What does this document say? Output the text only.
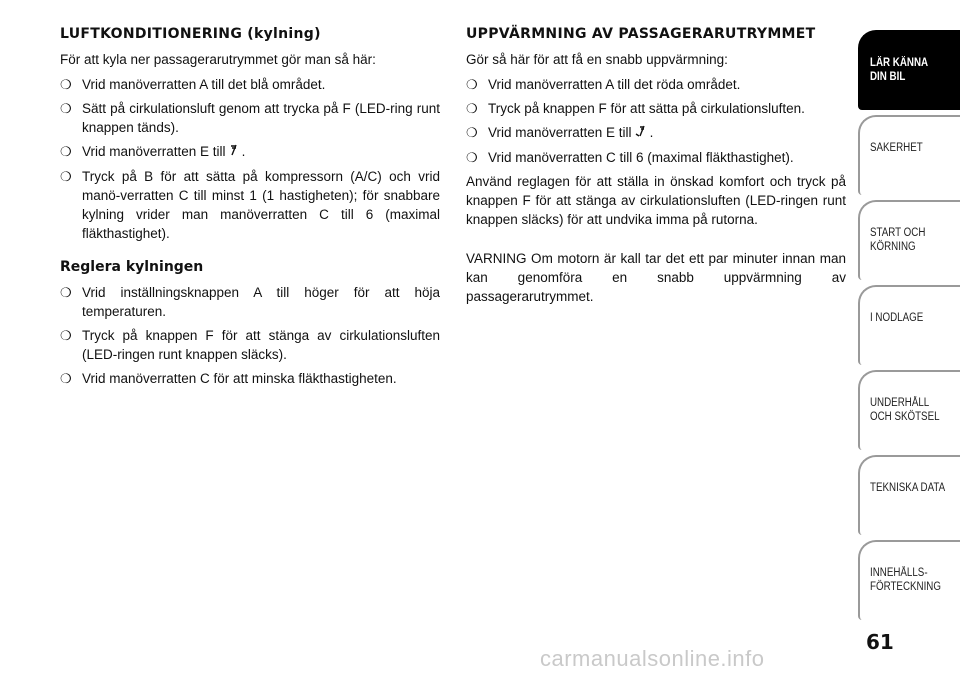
LUFTKONDITIONERING (kylning)

För att kyla ner passagerarutrymmet gör man så här:

❍ Vrid manöverratten A till det blå området.
❍ Sätt på cirkulationsluft genom att trycka på F (LED-ring runt knappen tänds).
❍ Vrid manöverratten E till .
❍ Tryck på B för att sätta på kompressorn (A/C) och vrid manö-verratten C till minst 1 (1 hastigheten); för snabbare kylning vrider man manöverratten C till 6 (maximal fläkthastighet).
Reglera kylningen
❍ Vrid inställningsknappen A till höger för att höja temperaturen.
❍ Tryck på knappen F för att stänga av cirkulationsluften (LED-ringen runt knappen släcks).
❍ Vrid manöverratten C för att minska fläkthastigheten.
UPPVÄRMNING AV PASSAGERARUTRYMMET

Gör så här för att få en snabb uppvärmning:

❍ Vrid manöverratten A till det röda området.
❍ Tryck på knappen F för att sätta på cirkulationsluften.
❍ Vrid manöverratten E till .
❍ Vrid manöverratten C till 6 (maximal fläkthastighet).

Använd reglagen för att ställa in önskad komfort och tryck på knappen F för att stänga av cirkulationsluften (LED-ringen runt knappen släcks) för att undvika imma på rutorna.

VARNING Om motorn är kall tar det ett par minuter innan man kan genomföra en snabb uppvärmning av passagerarutrymmet.

LÄR KÄNNA
DIN BIL
SÄKERHET
START OCH
KÖRNING
I NÖDLÄGE
UNDERHÅLL
OCH SKÖTSEL
TEKNISKA DATA
INNEHÅLLS-
FÖRTECKNING
61
carmanualsonline.info
